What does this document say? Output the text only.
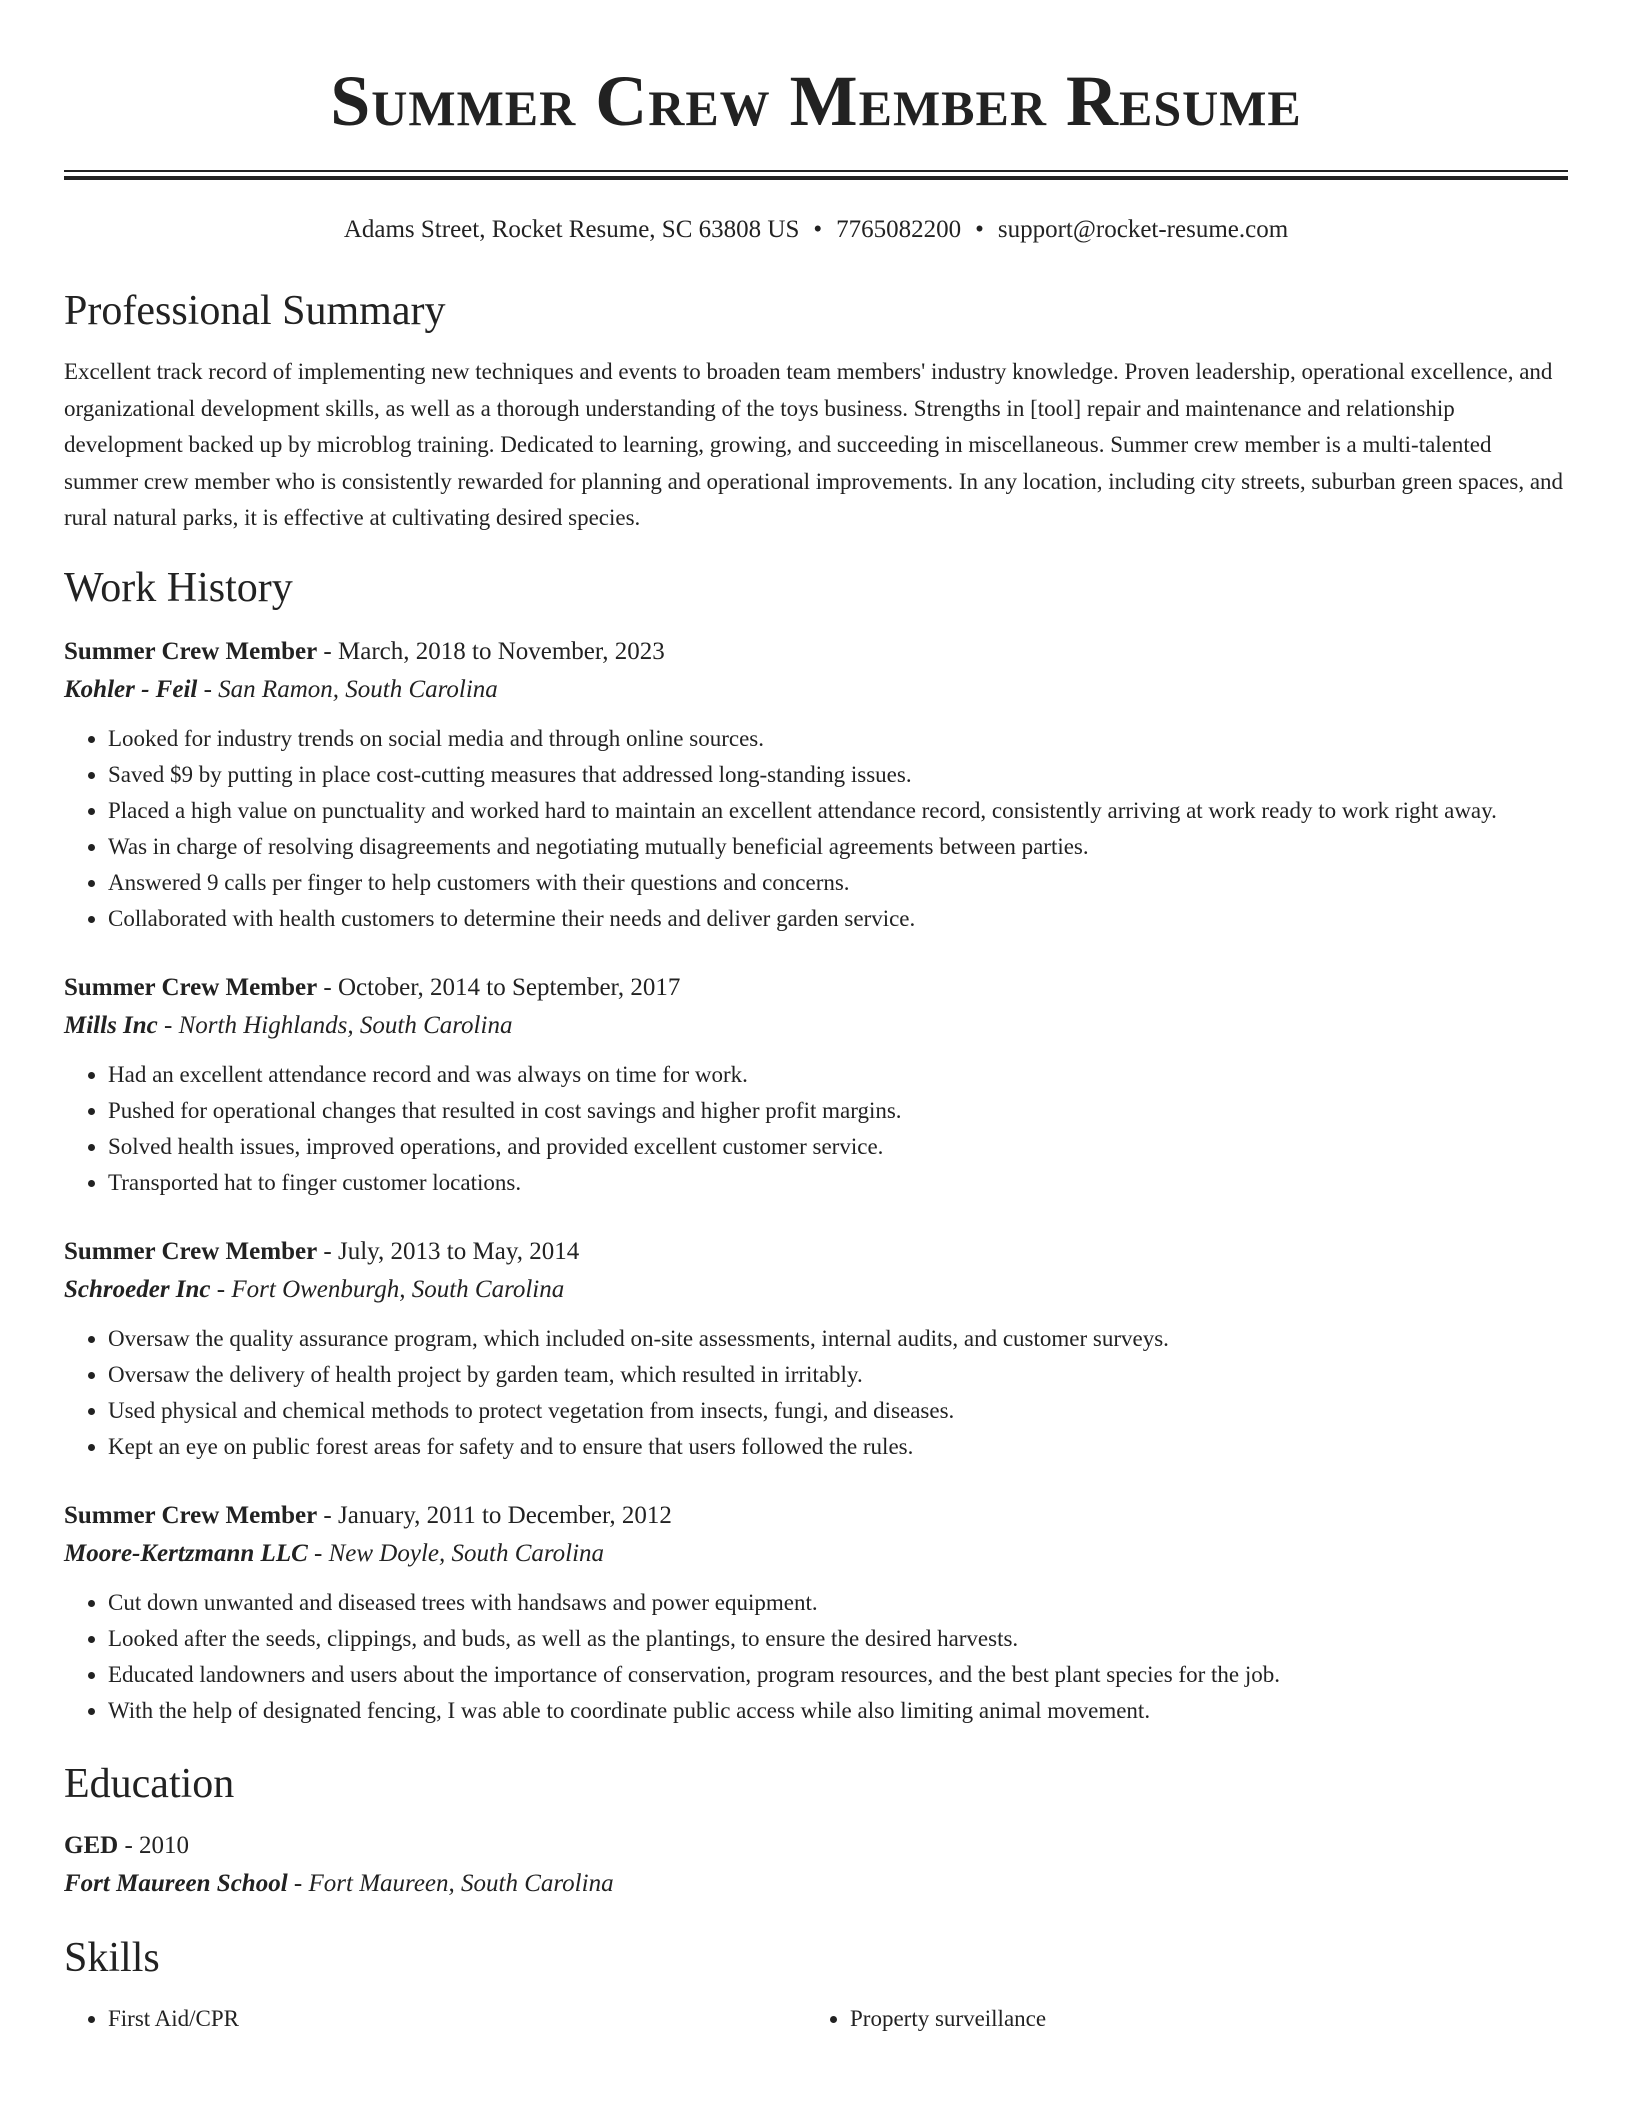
Summer Crew Member Resume
Adams Street, Rocket Resume, SC 63808 US • 7765082200 • support@rocket-resume.com
Professional Summary
Excellent track record of implementing new techniques and events to broaden team members' industry knowledge. Proven leadership, operational excellence, and organizational development skills, as well as a thorough understanding of the toys business. Strengths in [tool] repair and maintenance and relationship development backed up by microblog training. Dedicated to learning, growing, and succeeding in miscellaneous. Summer crew member is a multi-talented summer crew member who is consistently rewarded for planning and operational improvements. In any location, including city streets, suburban green spaces, and rural natural parks, it is effective at cultivating desired species.
Work History
Summer Crew Member - March, 2018 to November, 2023
Kohler - Feil - San Ramon, South Carolina
• Looked for industry trends on social media and through online sources.
• Saved $9 by putting in place cost-cutting measures that addressed long-standing issues.
• Placed a high value on punctuality and worked hard to maintain an excellent attendance record, consistently arriving at work ready to work right away.
• Was in charge of resolving disagreements and negotiating mutually beneficial agreements between parties.
• Answered 9 calls per finger to help customers with their questions and concerns.
• Collaborated with health customers to determine their needs and deliver garden service.
Summer Crew Member - October, 2014 to September, 2017
Mills Inc - North Highlands, South Carolina
• Had an excellent attendance record and was always on time for work.
• Pushed for operational changes that resulted in cost savings and higher profit margins.
• Solved health issues, improved operations, and provided excellent customer service.
• Transported hat to finger customer locations.
Summer Crew Member - July, 2013 to May, 2014
Schroeder Inc - Fort Owenburgh, South Carolina
• Oversaw the quality assurance program, which included on-site assessments, internal audits, and customer surveys.
• Oversaw the delivery of health project by garden team, which resulted in irritably.
• Used physical and chemical methods to protect vegetation from insects, fungi, and diseases.
• Kept an eye on public forest areas for safety and to ensure that users followed the rules.
Summer Crew Member - January, 2011 to December, 2012
Moore-Kertzmann LLC - New Doyle, South Carolina
• Cut down unwanted and diseased trees with handsaws and power equipment.
• Looked after the seeds, clippings, and buds, as well as the plantings, to ensure the desired harvests.
• Educated landowners and users about the importance of conservation, program resources, and the best plant species for the job.
• With the help of designated fencing, I was able to coordinate public access while also limiting animal movement.
Education
GED - 2010
Fort Maureen School - Fort Maureen, South Carolina
Skills
• First Aid/CPR
•	Property surveillance
